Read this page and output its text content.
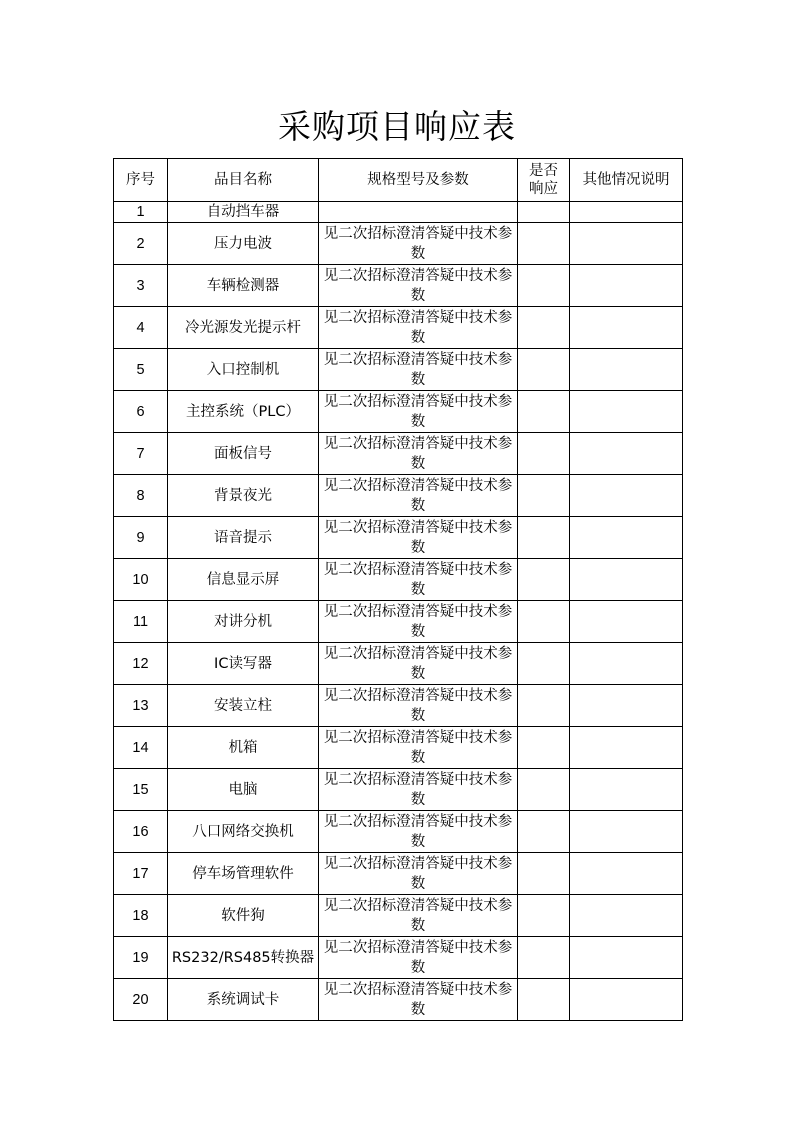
采购项目响应表
序号	品目名称	规格型号及参数	是否响应	其他情况说明
1	自动挡车器			
2	压力电波	见二次招标澄清答疑中技术参数		
3	车辆检测器	见二次招标澄清答疑中技术参数		
4	冷光源发光提示杆	见二次招标澄清答疑中技术参数		
5	入口控制机	见二次招标澄清答疑中技术参数		
6	主控系统（PLC）	见二次招标澄清答疑中技术参数		
7	面板信号	见二次招标澄清答疑中技术参数		
8	背景夜光	见二次招标澄清答疑中技术参数		
9	语音提示	见二次招标澄清答疑中技术参数		
10	信息显示屏	见二次招标澄清答疑中技术参数		
11	对讲分机	见二次招标澄清答疑中技术参数		
12	IC读写器	见二次招标澄清答疑中技术参数		
13	安装立柱	见二次招标澄清答疑中技术参数		
14	机箱	见二次招标澄清答疑中技术参数		
15	电脑	见二次招标澄清答疑中技术参数		
16	八口网络交换机	见二次招标澄清答疑中技术参数		
17	停车场管理软件	见二次招标澄清答疑中技术参数		
18	软件狗	见二次招标澄清答疑中技术参数		
19	RS232/RS485转换器	见二次招标澄清答疑中技术参数		
20	系统调试卡	见二次招标澄清答疑中技术参数		
